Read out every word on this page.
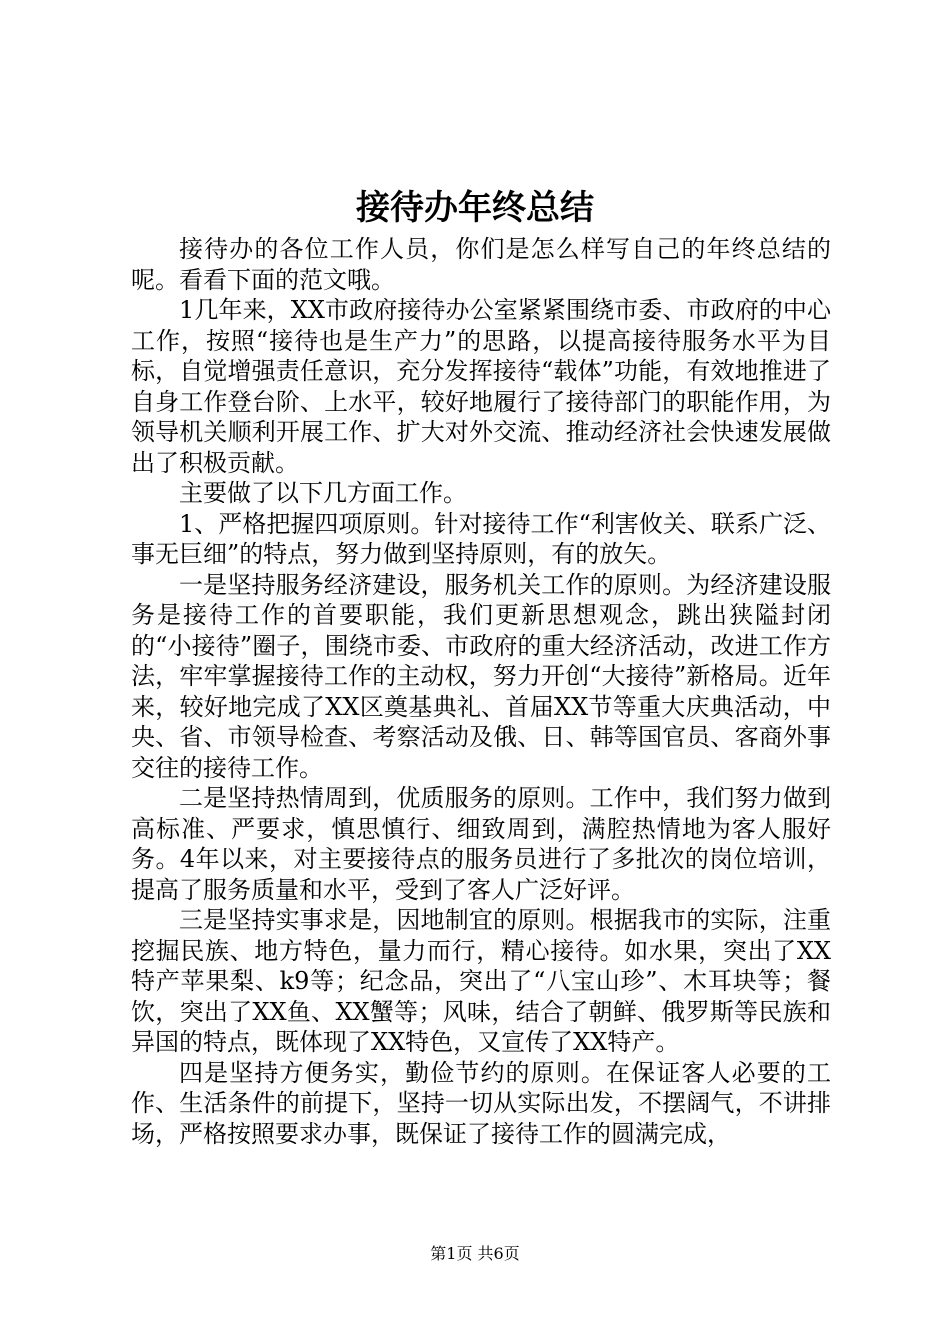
接待办年终总结

接待办的各位工作人员，你们是怎么样写自己的年终总结的呢。看看下面的范文哦。

1几年来，XX市政府接待办公室紧紧围绕市委、市政府的中心工作，按照“接待也是生产力”的思路，以提高接待服务水平为目标，自觉增强责任意识，充分发挥接待“载体”功能，有效地推进了自身工作登台阶、上水平，较好地履行了接待部门的职能作用，为领导机关顺利开展工作、扩大对外交流、推动经济社会快速发展做出了积极贡献。

主要做了以下几方面工作。

1、严格把握四项原则。针对接待工作“利害攸关、联系广泛、事无巨细”的特点，努力做到坚持原则，有的放矢。

一是坚持服务经济建设，服务机关工作的原则。为经济建设服务是接待工作的首要职能，我们更新思想观念，跳出狭隘封闭的“小接待”圈子，围绕市委、市政府的重大经济活动，改进工作方法，牢牢掌握接待工作的主动权，努力开创“大接待”新格局。近年来，较好地完成了XX区奠基典礼、首届XX节等重大庆典活动，中央、省、市领导检查、考察活动及俄、日、韩等国官员、客商外事交往的接待工作。

二是坚持热情周到，优质服务的原则。工作中，我们努力做到高标准、严要求，慎思慎行、细致周到，满腔热情地为客人服好务。4年以来，对主要接待点的服务员进行了多批次的岗位培训，提高了服务质量和水平，受到了客人广泛好评。

三是坚持实事求是，因地制宜的原则。根据我市的实际，注重挖掘民族、地方特色，量力而行，精心接待。如水果，突出了XX特产苹果梨、k9等；纪念品，突出了“八宝山珍”、木耳块等；餐饮，突出了XX鱼、XX蟹等；风味，结合了朝鲜、俄罗斯等民族和异国的特点，既体现了XX特色，又宣传了XX特产。

四是坚持方便务实，勤俭节约的原则。在保证客人必要的工作、生活条件的前提下，坚持一切从实际出发，不摆阔气，不讲排场，严格按照要求办事，既保证了接待工作的圆满完成，

第1页 共6页
